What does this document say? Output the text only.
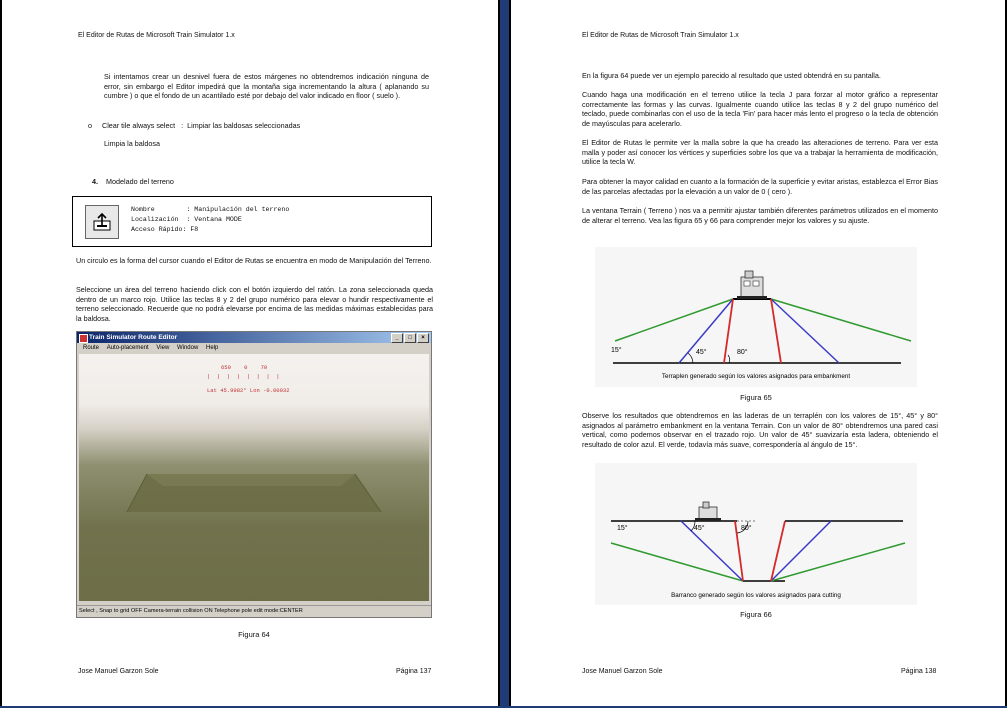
El Editor de Rutas de Microsoft Train Simulator 1.x
Si intentamos crear un desnivel fuera de estos márgenes no obtendremos indicación ninguna de error, sin embargo el Editor impedirá que la montaña siga incrementando la altura ( aplanando su cumbre ) o que el fondo de un acantilado esté por debajo del valor indicado en floor ( suelo ).
o Clear tile always select : Limpiar las baldosas seleccionadas
Limpia la baldosa
4. Modelado del terreno
Nombre        : Manipulación del terreno
Localización  : Ventana MODE
Acceso Rápido: F8
Un circulo es la forma del cursor cuando el Editor de Rutas se encuentra en modo de Manipulación del Terreno.
Seleccione un área del terreno haciendo click con el botón izquierdo del ratón. La zona seleccionada queda dentro de un marco rojo. Utilice las teclas 8 y 2 del grupo numérico para elevar o hundir respectivamente el terreno seleccionado. Recuerde que no podrá elevarse por encima de las medidas máximas establecidas para la baldosa.
Train Simulator Route Editor	_	□	×
Route Auto-placement View Window Help
650    0    70
|  |  |  |  |  |  |  |
Lat 45.9982° Lon -0.00032
Select , Snap to grid OFF Camera-terrain collision ON Telephone pole edit mode:CENTER
Figura 64
Jose Manuel Garzon Sole	Página 137
El Editor de Rutas de Microsoft Train Simulator 1.x
En la figura 64 puede ver un ejemplo parecido al resultado que usted obtendrá en su pantalla.
Cuando haga una modificación en el terreno utilice la tecla J para forzar al motor gráfico a representar correctamente las formas y las curvas. Igualmente cuando utilice las teclas 8 y 2 del grupo numérico del teclado, puede combinarlas con el uso de la tecla 'Fin' para hacer más lento el progreso o la tecla de obtención de mayúsculas para acelerarlo.
El Editor de Rutas le permite ver la malla sobre la que ha creado las alteraciones de terreno. Para ver esta malla y poder así conocer los vértices y superficies sobre los que va a trabajar la herramienta de modificación, utilice la tecla W.
Para obtener la mayor calidad en cuanto a la formación de la superficie y evitar aristas, establezca el Error Bias de las parcelas afectadas por la elevación a un valor de 0 ( cero ).
La ventana Terrain ( Terreno ) nos va a permitir ajustar también diferentes parámetros utilizados en el momento de alterar el terreno. Vea las figura 65 y 66 para comprender mejor los valores y su ajuste.
15°	45°	80°
Terraplen generado según los valores asignados para embankment
Figura 65
Observe los resultados que obtendremos en las laderas de un terraplén con los valores de 15°, 45° y 80° asignados al parámetro embankment en la ventana Terrain. Con un valor de 80° obtendremos una pared casi vertical, como podemos observar en el trazado rojo. Un valor de 45° suavizaría esta ladera, obteniendo el resultado de color azul. El verde, todavía más suave, correspondería al ángulo de 15°.
15°	45°	80°
Barranco generado según los valores asignados para cutting
Figura 66
Jose Manuel Garzon Sole	Página 138
